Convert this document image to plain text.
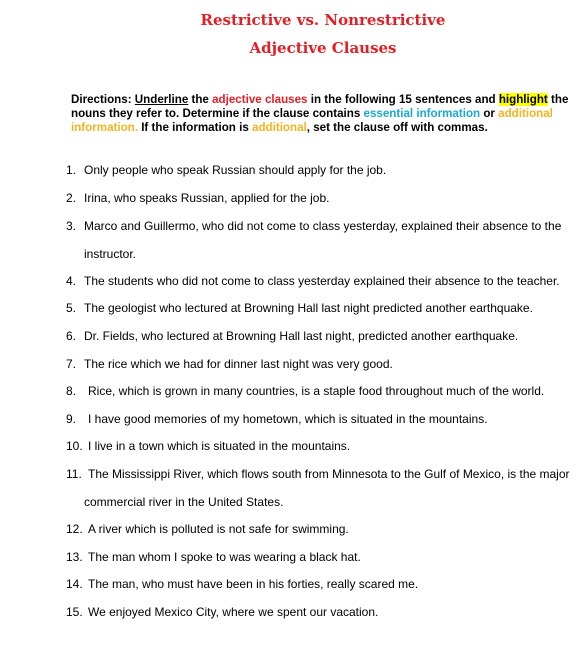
Restrictive vs. Nonrestrictive
Adjective Clauses
Directions: Underline the adjective clauses in the following 15 sentences and highlight the nouns they refer to. Determine if the clause contains essential information or additional information. If the information is additional, set the clause off with commas.
1. Only people who speak Russian should apply for the job.
2. Irina, who speaks Russian, applied for the job.
3. Marco and Guillermo, who did not come to class yesterday, explained their absence to the
instructor.
4. The students who did not come to class yesterday explained their absence to the teacher.
5. The geologist who lectured at Browning Hall last night predicted another earthquake.
6. Dr. Fields, who lectured at Browning Hall last night, predicted another earthquake.
7. The rice which we had for dinner last night was very good.
8. Rice, which is grown in many countries, is a staple food throughout much of the world.
9. I have good memories of my hometown, which is situated in the mountains.
10. I live in a town which is situated in the mountains.
11. The Mississippi River, which flows south from Minnesota to the Gulf of Mexico, is the major
commercial river in the United States.
12. A river which is polluted is not safe for swimming.
13. The man whom I spoke to was wearing a black hat.
14. The man, who must have been in his forties, really scared me.
15. We enjoyed Mexico City, where we spent our vacation.
